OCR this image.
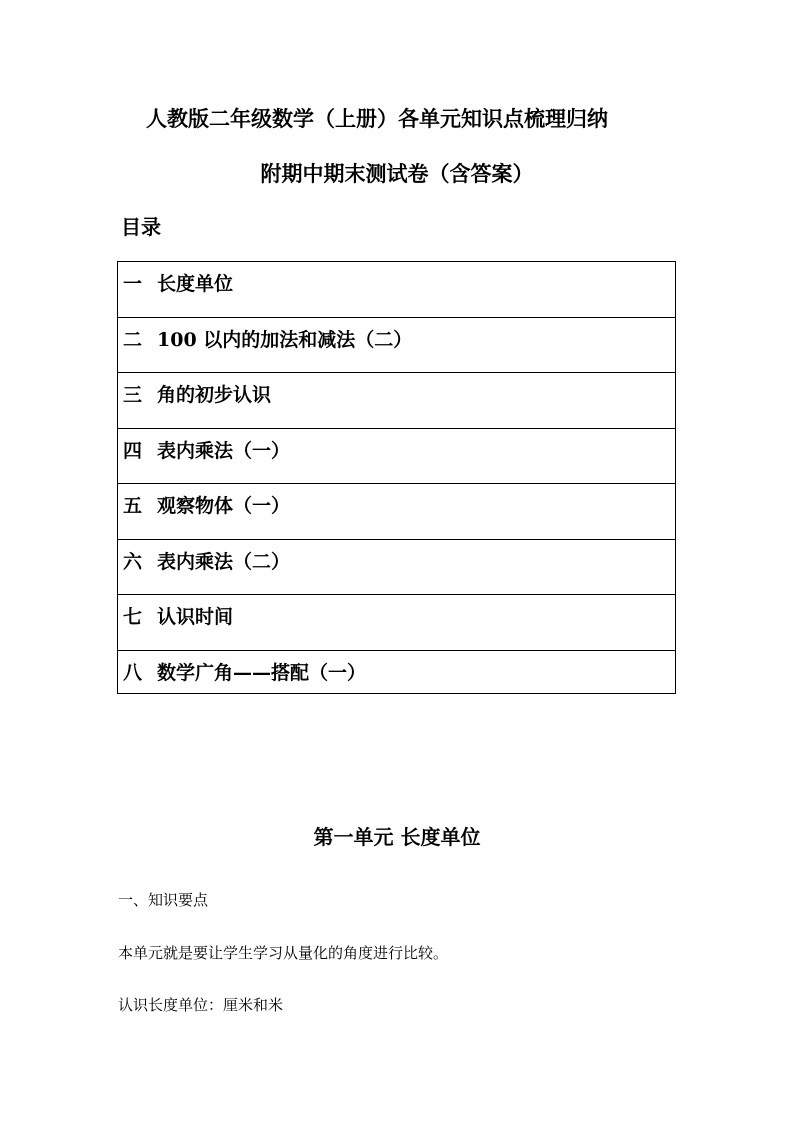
人教版二年级数学（上册）各单元知识点梳理归纳
附期中期末测试卷（含答案）
目录
一 长度单位
二 100 以内的加法和减法（二）
三 角的初步认识
四 表内乘法（一）
五 观察物体（一）
六 表内乘法（二）
七 认识时间
八 数学广角——搭配（一）
第一单元 长度单位
一、知识要点
本单元就是要让学生学习从量化的角度进行比较。
认识长度单位：厘米和米
